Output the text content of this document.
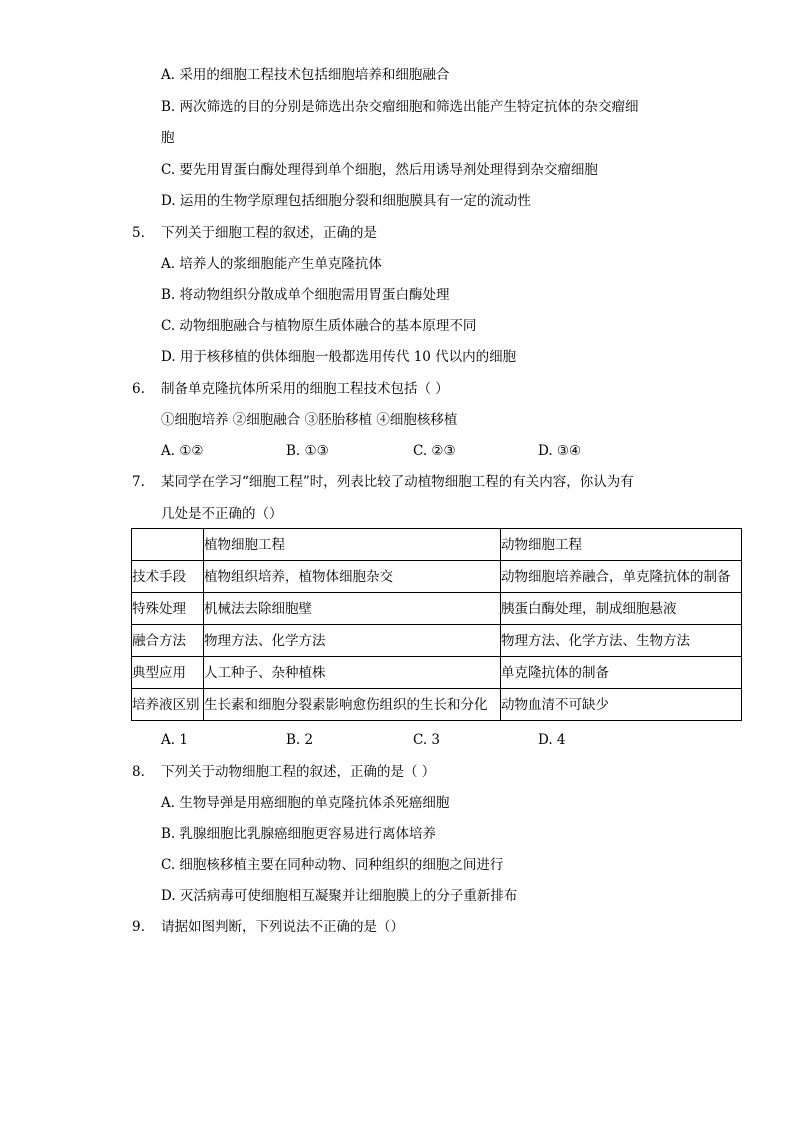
A. 采用的细胞工程技术包括细胞培养和细胞融合
B. 两次筛选的目的分别是筛选出杂交瘤细胞和筛选出能产生特定抗体的杂交瘤细
胞
C. 要先用胃蛋白酶处理得到单个细胞，然后用诱导剂处理得到杂交瘤细胞
D. 运用的生物学原理包括细胞分裂和细胞膜具有一定的流动性
5. 下列关于细胞工程的叙述，正确的是
A. 培养人的浆细胞能产生单克隆抗体
B. 将动物组织分散成单个细胞需用胃蛋白酶处理
C. 动物细胞融合与植物原生质体融合的基本原理不同
D. 用于核移植的供体细胞一般都选用传代 10 代以内的细胞
6. 制备单克隆抗体所采用的细胞工程技术包括（ ）
①细胞培养 ②细胞融合 ③胚胎移植 ④细胞核移植
A. ①②	B. ①③	C. ②③	D. ③④
7. 某同学在学习“细胞工程”时，列表比较了动植物细胞工程的有关内容，你认为有
几处是不正确的（）
	植物细胞工程	动物细胞工程
技术手段	植物组织培养，植物体细胞杂交	动物细胞培养融合，单克隆抗体的制备
特殊处理	机械法去除细胞壁	胰蛋白酶处理，制成细胞悬液
融合方法	物理方法、化学方法	物理方法、化学方法、生物方法
典型应用	人工种子、杂种植株	单克隆抗体的制备
培养液区别	生长素和细胞分裂素影响愈伤组织的生长和分化	动物血清不可缺少
A. 1	B. 2	C. 3	D. 4
8. 下列关于动物细胞工程的叙述，正确的是（ ）
A. 生物导弹是用癌细胞的单克隆抗体杀死癌细胞
B. 乳腺细胞比乳腺癌细胞更容易进行离体培养
C. 细胞核移植主要在同种动物、同种组织的细胞之间进行
D. 灭活病毒可使细胞相互凝聚并让细胞膜上的分子重新排布
9. 请据如图判断，下列说法不正确的是（）
